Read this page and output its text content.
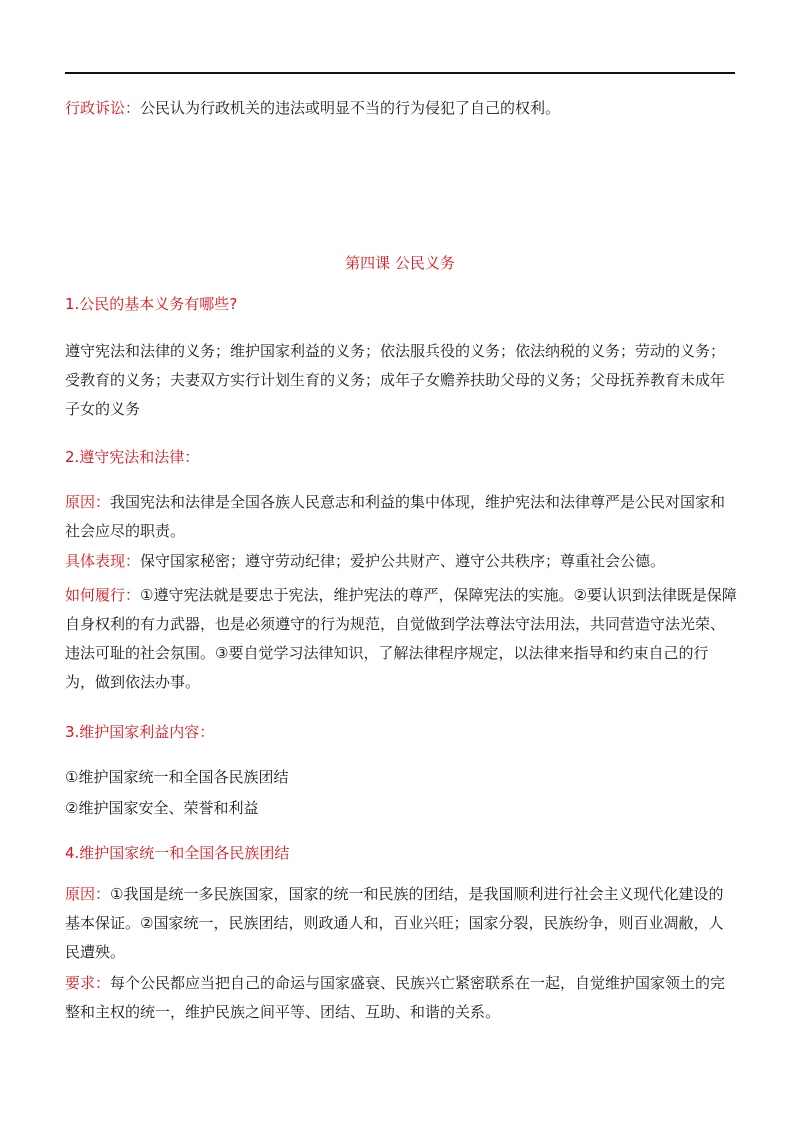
行政诉讼：公民认为行政机关的违法或明显不当的行为侵犯了自己的权利。
第四课 公民义务
1.公民的基本义务有哪些?
遵守宪法和法律的义务；维护国家利益的义务；依法服兵役的义务；依法纳税的义务；劳动的义务；受教育的义务；夫妻双方实行计划生育的义务；成年子女赡养扶助父母的义务；父母抚养教育未成年子女的义务
2.遵守宪法和法律：
原因：我国宪法和法律是全国各族人民意志和利益的集中体现，维护宪法和法律尊严是公民对国家和社会应尽的职责。
具体表现：保守国家秘密；遵守劳动纪律；爱护公共财产、遵守公共秩序；尊重社会公德。
如何履行：①遵守宪法就是要忠于宪法，维护宪法的尊严，保障宪法的实施。②要认识到法律既是保障自身权利的有力武器，也是必须遵守的行为规范，自觉做到学法尊法守法用法，共同营造守法光荣、违法可耻的社会氛围。③要自觉学习法律知识，了解法律程序规定，以法律来指导和约束自己的行为，做到依法办事。
3.维护国家利益内容：
①维护国家统一和全国各民族团结
②维护国家安全、荣誉和利益
4.维护国家统一和全国各民族团结
原因：①我国是统一多民族国家，国家的统一和民族的团结，是我国顺利进行社会主义现代化建设的基本保证。②国家统一，民族团结，则政通人和，百业兴旺；国家分裂，民族纷争，则百业凋敝，人民遭殃。
要求：每个公民都应当把自己的命运与国家盛衰、民族兴亡紧密联系在一起，自觉维护国家领土的完整和主权的统一，维护民族之间平等、团结、互助、和谐的关系。
